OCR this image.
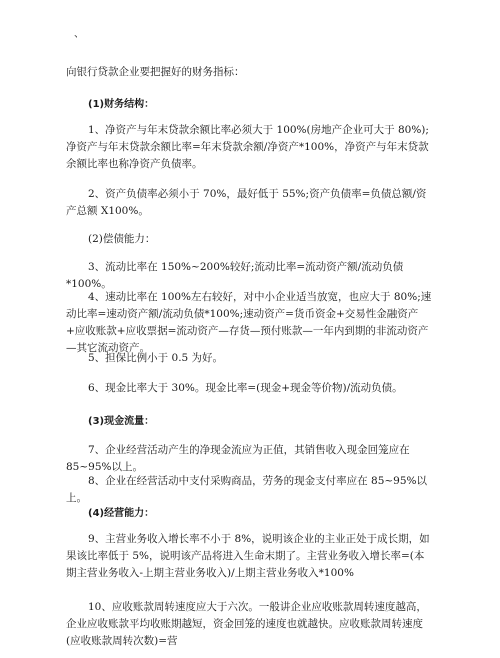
、
向银行贷款企业要把握好的财务指标：
(1)财务结构：
1、净资产与年末贷款余额比率必须大于 100%(房地产企业可大于 80%);净资产与年末贷款余额比率=年末贷款余额/净资产*100%，净资产与年末贷款余额比率也称净资产负债率。
2、资产负债率必须小于 70%，最好低于 55%;资产负债率=负债总额/资产总额 X100%。
(2)偿债能力：
3、流动比率在 150%~200%较好;流动比率=流动资产额/流动负债*100%。
4、速动比率在 100%左右较好，对中小企业适当放宽，也应大于 80%;速动比率=速动资产额/流动负债*100%;速动资产=货币资金+交易性金融资产+应收账款+应收票据=流动资产—存货—预付账款—一年内到期的非流动资产—其它流动资产。
5、担保比例小于 0.5 为好。
6、现金比率大于 30%。现金比率=(现金+现金等价物)/流动负债。
(3)现金流量：
7、企业经营活动产生的净现金流应为正值，其销售收入现金回笼应在 85~95%以上。
8、企业在经营活动中支付采购商品，劳务的现金支付率应在 85~95%以上。
(4)经营能力：
9、主营业务收入增长率不小于 8%，说明该企业的主业正处于成长期，如果该比率低于 5%，说明该产品将进入生命末期了。主营业务收入增长率=(本期主营业务收入-上期主营业务收入)/上期主营业务收入*100%
10、应收账款周转速度应大于六次。一般讲企业应收账款周转速度越高，企业应收账款平均收账期越短，资金回笼的速度也就越快。应收账款周转速度(应收账款周转次数)=营
